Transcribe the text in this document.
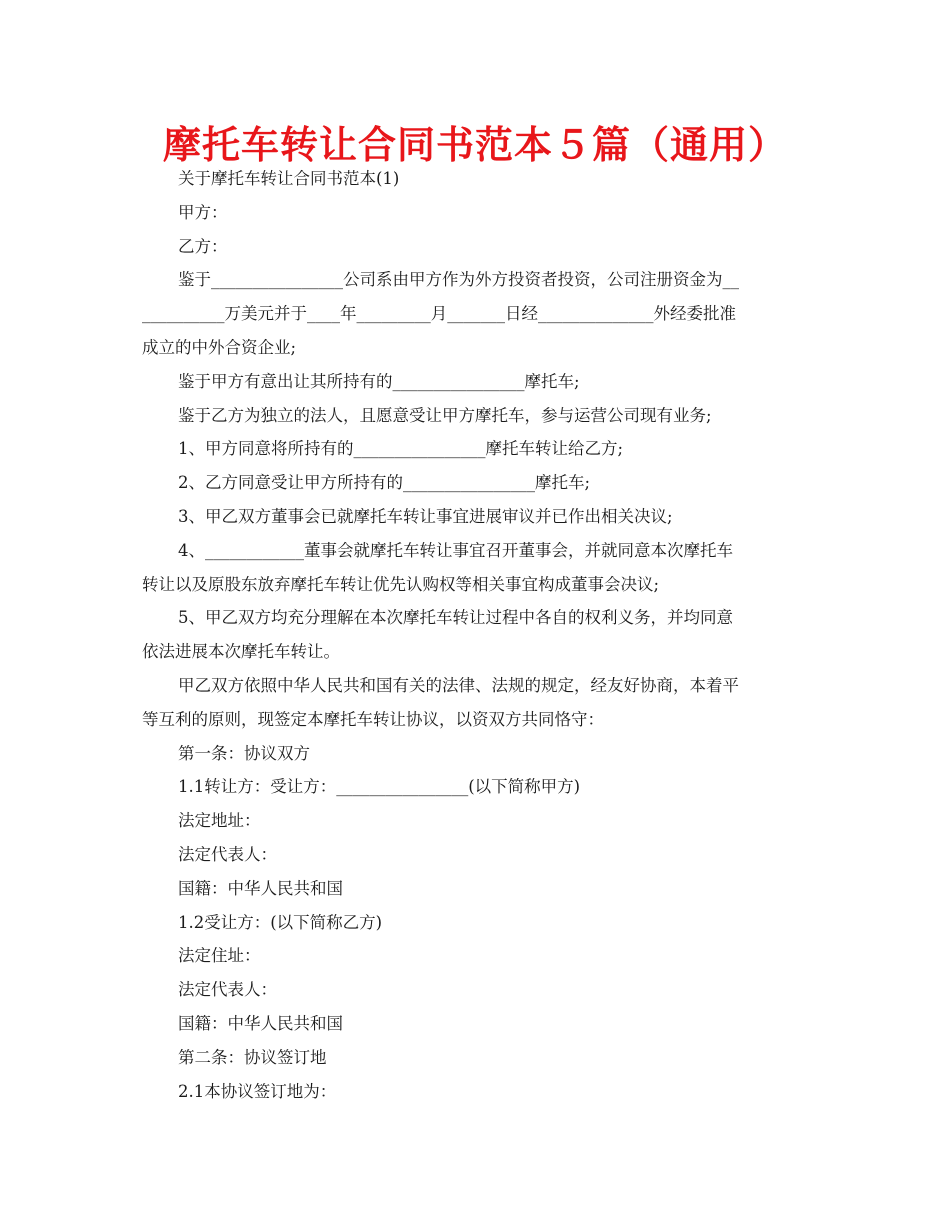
摩托车转让合同书范本５篇（通用）
关于摩托车转让合同书范本(1)
甲方：
乙方：
鉴于________________公司系由甲方作为外方投资者投资，公司注册资金为__
__________万美元并于____年_________月_______日经______________外经委批准
成立的中外合资企业;
鉴于甲方有意出让其所持有的________________摩托车;
鉴于乙方为独立的法人，且愿意受让甲方摩托车，参与运营公司现有业务;
1、甲方同意将所持有的________________摩托车转让给乙方;
2、乙方同意受让甲方所持有的________________摩托车;
3、甲乙双方董事会已就摩托车转让事宜进展审议并已作出相关决议;
4、____________董事会就摩托车转让事宜召开董事会，并就同意本次摩托车
转让以及原股东放弃摩托车转让优先认购权等相关事宜构成董事会决议;
5、甲乙双方均充分理解在本次摩托车转让过程中各自的权利义务，并均同意
依法进展本次摩托车转让。
甲乙双方依照中华人民共和国有关的法律、法规的规定，经友好协商，本着平
等互利的原则，现签定本摩托车转让协议，以资双方共同恪守：
第一条：协议双方
1.1转让方：受让方：________________(以下简称甲方)
法定地址：
法定代表人：
国籍：中华人民共和国
1.2受让方：(以下简称乙方)
法定住址：
法定代表人：
国籍：中华人民共和国
第二条：协议签订地
2.1本协议签订地为：
